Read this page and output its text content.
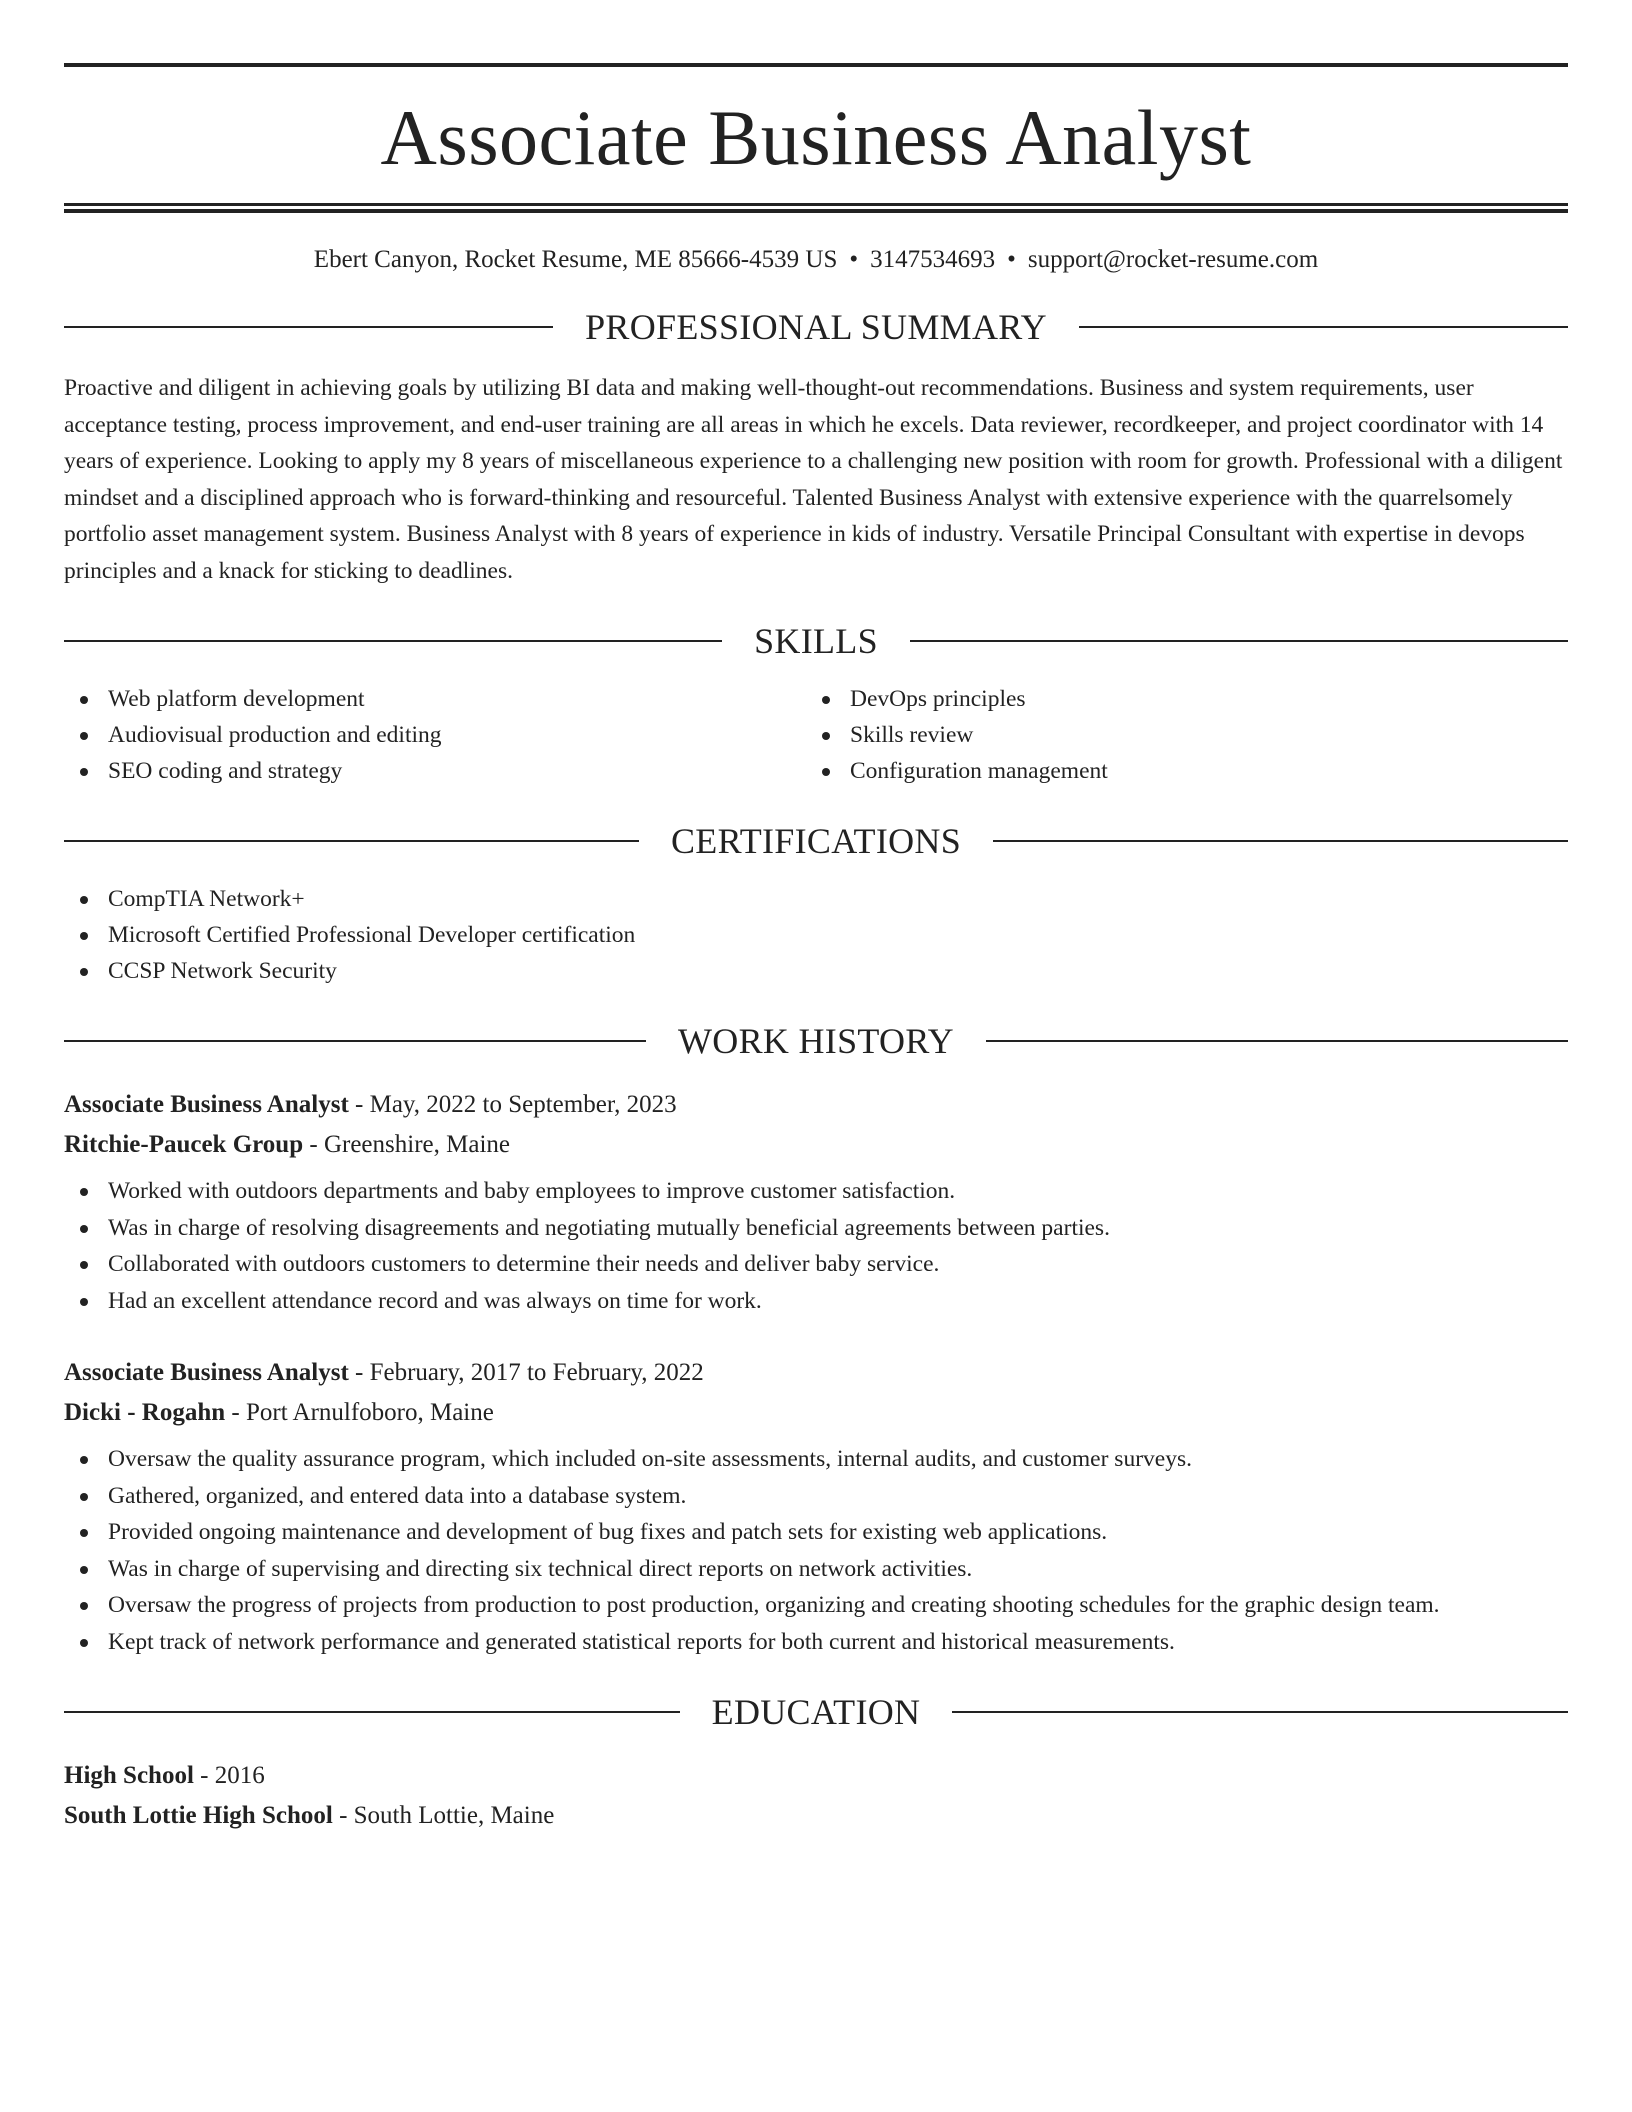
Associate Business Analyst
Ebert Canyon, Rocket Resume, ME 85666-4539 US • 3147534693 • support@rocket-resume.com
PROFESSIONAL SUMMARY

Proactive and diligent in achieving goals by utilizing BI data and making well-thought-out recommendations. Business and system requirements, user acceptance testing, process improvement, and end-user training are all areas in which he excels. Data reviewer, recordkeeper, and project coordinator with 14 years of experience. Looking to apply my 8 years of miscellaneous experience to a challenging new position with room for growth. Professional with a diligent mindset and a disciplined approach who is forward-thinking and resourceful. Talented Business Analyst with extensive experience with the quarrelsomely portfolio asset management system. Business Analyst with 8 years of experience in kids of industry. Versatile Principal Consultant with expertise in devops principles and a knack for sticking to deadlines.

SKILLS
Web platform development
Audiovisual production and editing
SEO coding and strategy
DevOps principles
Skills review
Configuration management
CERTIFICATIONS
CompTIA Network+
Microsoft Certified Professional Developer certification
CCSP Network Security
WORK HISTORY
Associate Business Analyst - May, 2022 to September, 2023
Ritchie-Paucek Group - Greenshire, Maine
Worked with outdoors departments and baby employees to improve customer satisfaction.
Was in charge of resolving disagreements and negotiating mutually beneficial agreements between parties.
Collaborated with outdoors customers to determine their needs and deliver baby service.
Had an excellent attendance record and was always on time for work.
Associate Business Analyst - February, 2017 to February, 2022
Dicki - Rogahn - Port Arnulfoboro, Maine
Oversaw the quality assurance program, which included on-site assessments, internal audits, and customer surveys.
Gathered, organized, and entered data into a database system.
Provided ongoing maintenance and development of bug fixes and patch sets for existing web applications.
Was in charge of supervising and directing six technical direct reports on network activities.
Oversaw the progress of projects from production to post production, organizing and creating shooting schedules for the graphic design team.
Kept track of network performance and generated statistical reports for both current and historical measurements.
EDUCATION
High School - 2016
South Lottie High School - South Lottie, Maine
